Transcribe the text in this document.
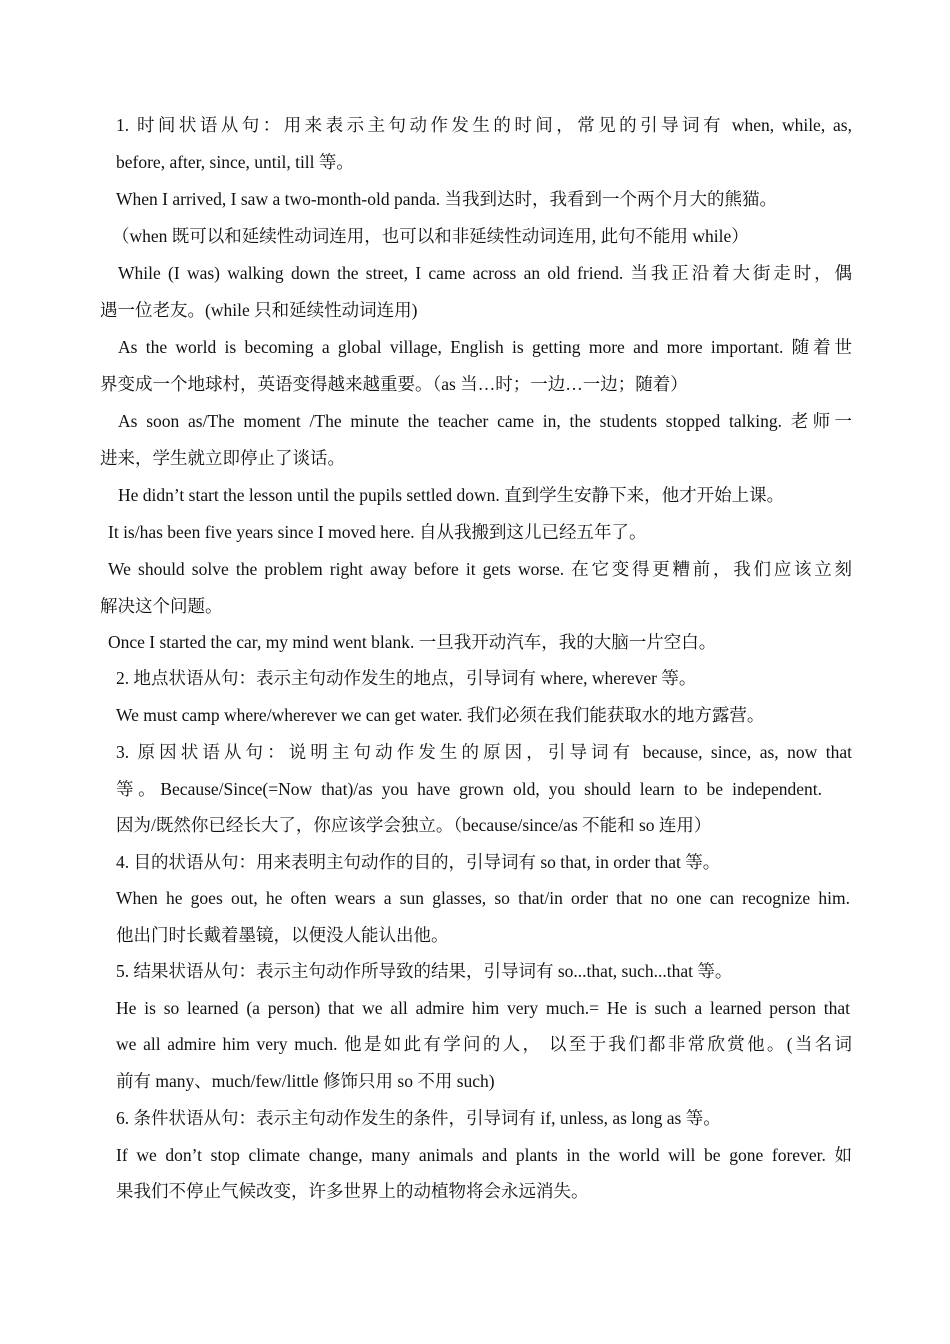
1. 时间状语从句：用来表示主句动作发生的时间，常见的引导词有 when, while, as,
before, after, since, until, till 等。
When I arrived, I saw a two-month-old panda. 当我到达时，我看到一个两个月大的熊猫。
（when 既可以和延续性动词连用，也可以和非延续性动词连用, 此句不能用 while）
While (I was) walking down the street, I came across an old friend. 当我正沿着大街走时，偶
遇一位老友。(while 只和延续性动词连用)
As the world is becoming a global village, English is getting more and more important. 随着世
界变成一个地球村，英语变得越来越重要。（as 当…时；一边…一边；随着）
As soon as/The moment /The minute the teacher came in, the students stopped talking. 老师一
进来，学生就立即停止了谈话。
He didn’t start the lesson until the pupils settled down. 直到学生安静下来，他才开始上课。
It is/has been five years since I moved here. 自从我搬到这儿已经五年了。
We should solve the problem right away before it gets worse. 在它变得更糟前，我们应该立刻
解决这个问题。
Once I started the car, my mind went blank. 一旦我开动汽车，我的大脑一片空白。
2. 地点状语从句：表示主句动作发生的地点，引导词有 where, wherever 等。
We must camp where/wherever we can get water. 我们必须在我们能获取水的地方露营。
3. 原因状语从句：说明主句动作发生的原因，引导词有 because, since, as, now that
等。Because/Since(=Now that)/as you have grown old, you should learn to be independent.
因为/既然你已经长大了，你应该学会独立。（because/since/as 不能和 so 连用）
4. 目的状语从句：用来表明主句动作的目的，引导词有 so that, in order that 等。
When he goes out, he often wears a sun glasses, so that/in order that no one can recognize him.
他出门时长戴着墨镜，以便没人能认出他。
5. 结果状语从句：表示主句动作所导致的结果，引导词有 so...that, such...that 等。
He is so learned (a person) that we all admire him very much.= He is such a learned person that
we all admire him very much. 他是如此有学问的人， 以至于我们都非常欣赏他。(当名词
前有 many、much/few/little 修饰只用 so 不用 such)
6. 条件状语从句：表示主句动作发生的条件，引导词有 if, unless, as long as 等。
If we don’t stop climate change, many animals and plants in the world will be gone forever. 如
果我们不停止气候改变，许多世界上的动植物将会永远消失。
